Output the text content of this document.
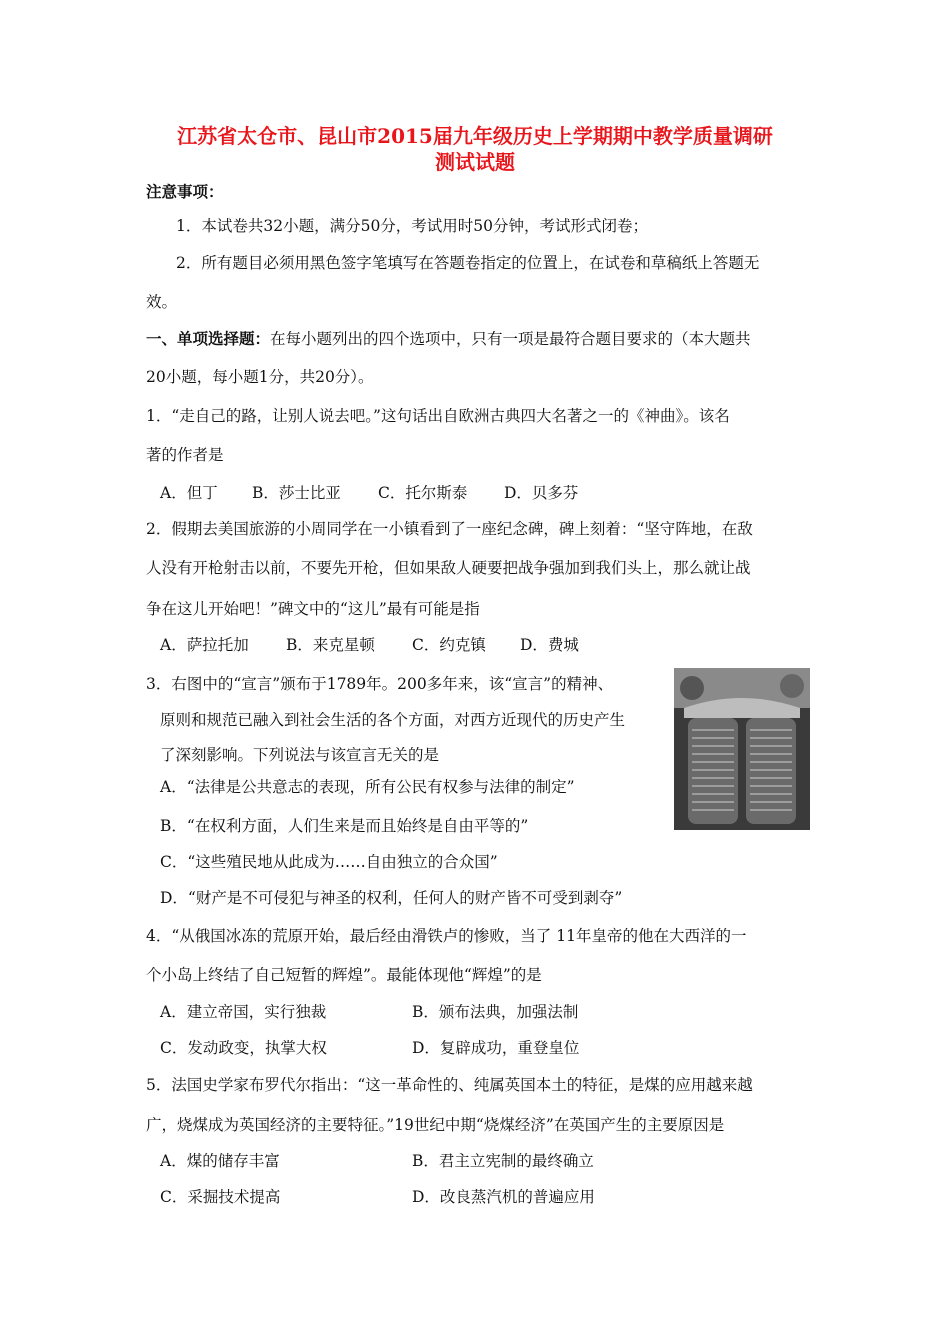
江苏省太仓市、昆山市2015届九年级历史上学期期中教学质量调研
测试试题
注意事项：
1．本试卷共32小题，满分50分，考试用时50分钟，考试形式闭卷；
2．所有题目必须用黑色签字笔填写在答题卷指定的位置上，在试卷和草稿纸上答题无
效。
一、单项选择题：在每小题列出的四个选项中，只有一项是最符合题目要求的（本大题共
20小题，每小题1分，共20分）。
1．“走自己的路，让别人说去吧。”这句话出自欧洲古典四大名著之一的《神曲》。该名
著的作者是
A．但丁 B．莎士比亚 C．托尔斯泰 D．贝多芬
2．假期去美国旅游的小周同学在一小镇看到了一座纪念碑，碑上刻着：“坚守阵地，在敌
人没有开枪射击以前，不要先开枪，但如果敌人硬要把战争强加到我们头上，那么就让战
争在这儿开始吧！”碑文中的“这儿”最有可能是指
A．萨拉托加 B．来克星顿 C．约克镇 D．费城
3．右图中的“宣言”颁布于1789年。200多年来，该“宣言”的精神、
原则和规范已融入到社会生活的各个方面，对西方近现代的历史产生
了深刻影响。下列说法与该宣言无关的是
A．“法律是公共意志的表现，所有公民有权参与法律的制定”
B．“在权利方面，人们生来是而且始终是自由平等的”
C．“这些殖民地从此成为……自由独立的合众国”
D．“财产是不可侵犯与神圣的权利，任何人的财产皆不可受到剥夺”
4．“从俄国冰冻的荒原开始，最后经由滑铁卢的惨败，当了 11年皇帝的他在大西洋的一
个小岛上终结了自己短暂的辉煌”。最能体现他“辉煌”的是
A．建立帝国，实行独裁	B．颁布法典，加强法制
C．发动政变，执掌大权	D．复辟成功，重登皇位
5．法国史学家布罗代尔指出：“这一革命性的、纯属英国本土的特征，是煤的应用越来越
广，烧煤成为英国经济的主要特征。”19世纪中期“烧煤经济”在英国产生的主要原因是
A．煤的储存丰富	B．君主立宪制的最终确立
C．采掘技术提高	D．改良蒸汽机的普遍应用
